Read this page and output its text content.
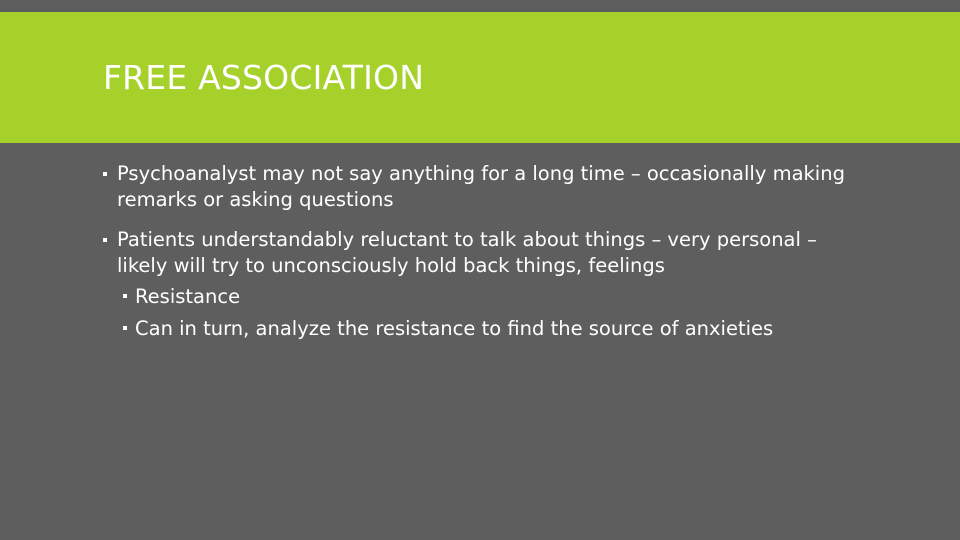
FREE ASSOCIATION
Psychoanalyst may not say anything for a long time – occasionally making remarks or asking questions
Patients understandably reluctant to talk about things – very personal – likely will try to unconsciously hold back things, feelings
Resistance
Can in turn, analyze the resistance to find the source of anxieties
